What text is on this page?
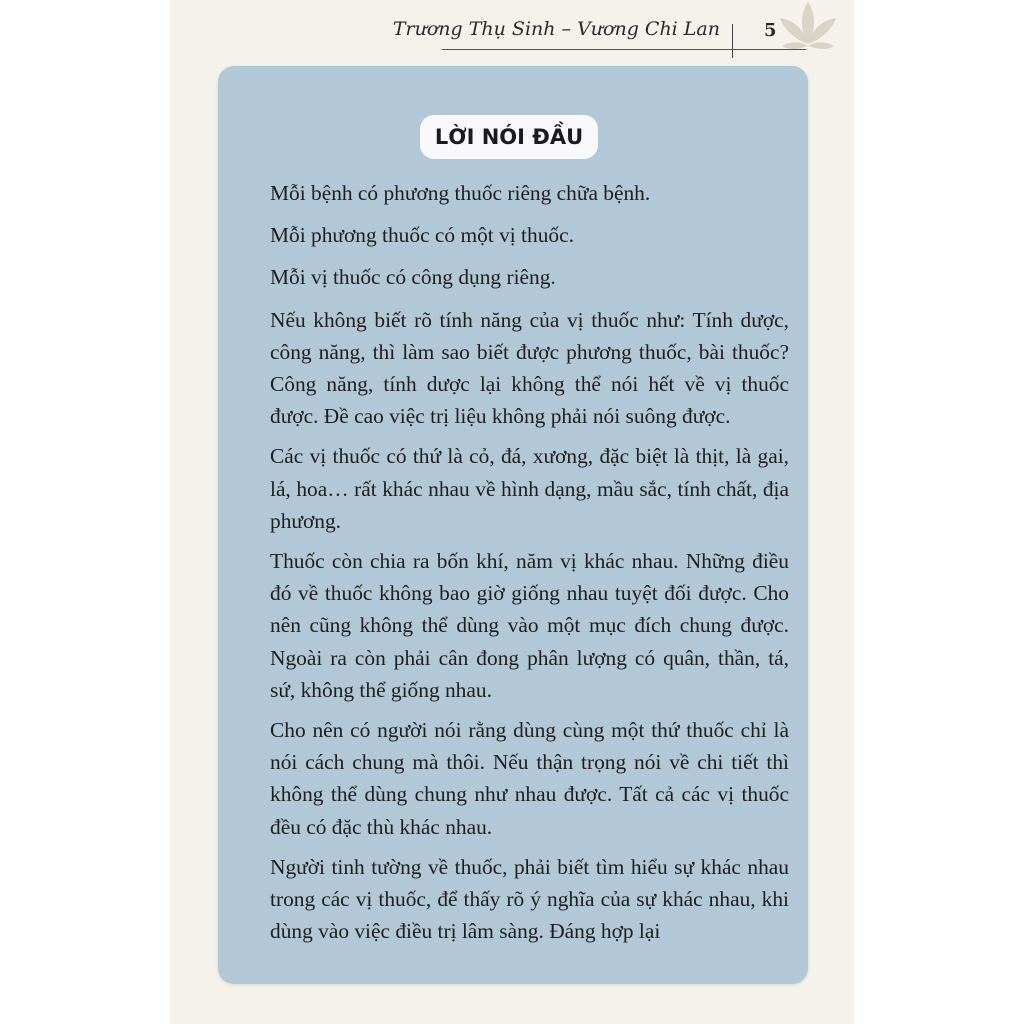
Trương Thụ Sinh – Vương Chi Lan 5
LỜI NÓI ĐẦU

Mỗi bệnh có phương thuốc riêng chữa bệnh.

Mỗi phương thuốc có một vị thuốc.

Mỗi vị thuốc có công dụng riêng.

Nếu không biết rõ tính năng của vị thuốc như: Tính dược, công năng, thì làm sao biết được phương thuốc, bài thuốc? Công năng, tính dược lại không thể nói hết về vị thuốc được. Đề cao việc trị liệu không phải nói suông được.

Các vị thuốc có thứ là cỏ, đá, xương, đặc biệt là thịt, là gai, lá, hoa… rất khác nhau về hình dạng, mầu sắc, tính chất, địa phương.

Thuốc còn chia ra bốn khí, năm vị khác nhau. Những điều đó về thuốc không bao giờ giống nhau tuyệt đối được. Cho nên cũng không thể dùng vào một mục đích chung được. Ngoài ra còn phải cân đong phân lượng có quân, thần, tá, sứ, không thể giống nhau.

Cho nên có người nói rằng dùng cùng một thứ thuốc chỉ là nói cách chung mà thôi. Nếu thận trọng nói về chi tiết thì không thể dùng chung như nhau được. Tất cả các vị thuốc đều có đặc thù khác nhau.

Người tinh tường về thuốc, phải biết tìm hiểu sự khác nhau trong các vị thuốc, để thấy rõ ý nghĩa của sự khác nhau, khi dùng vào việc điều trị lâm sàng. Đáng hợp lại
